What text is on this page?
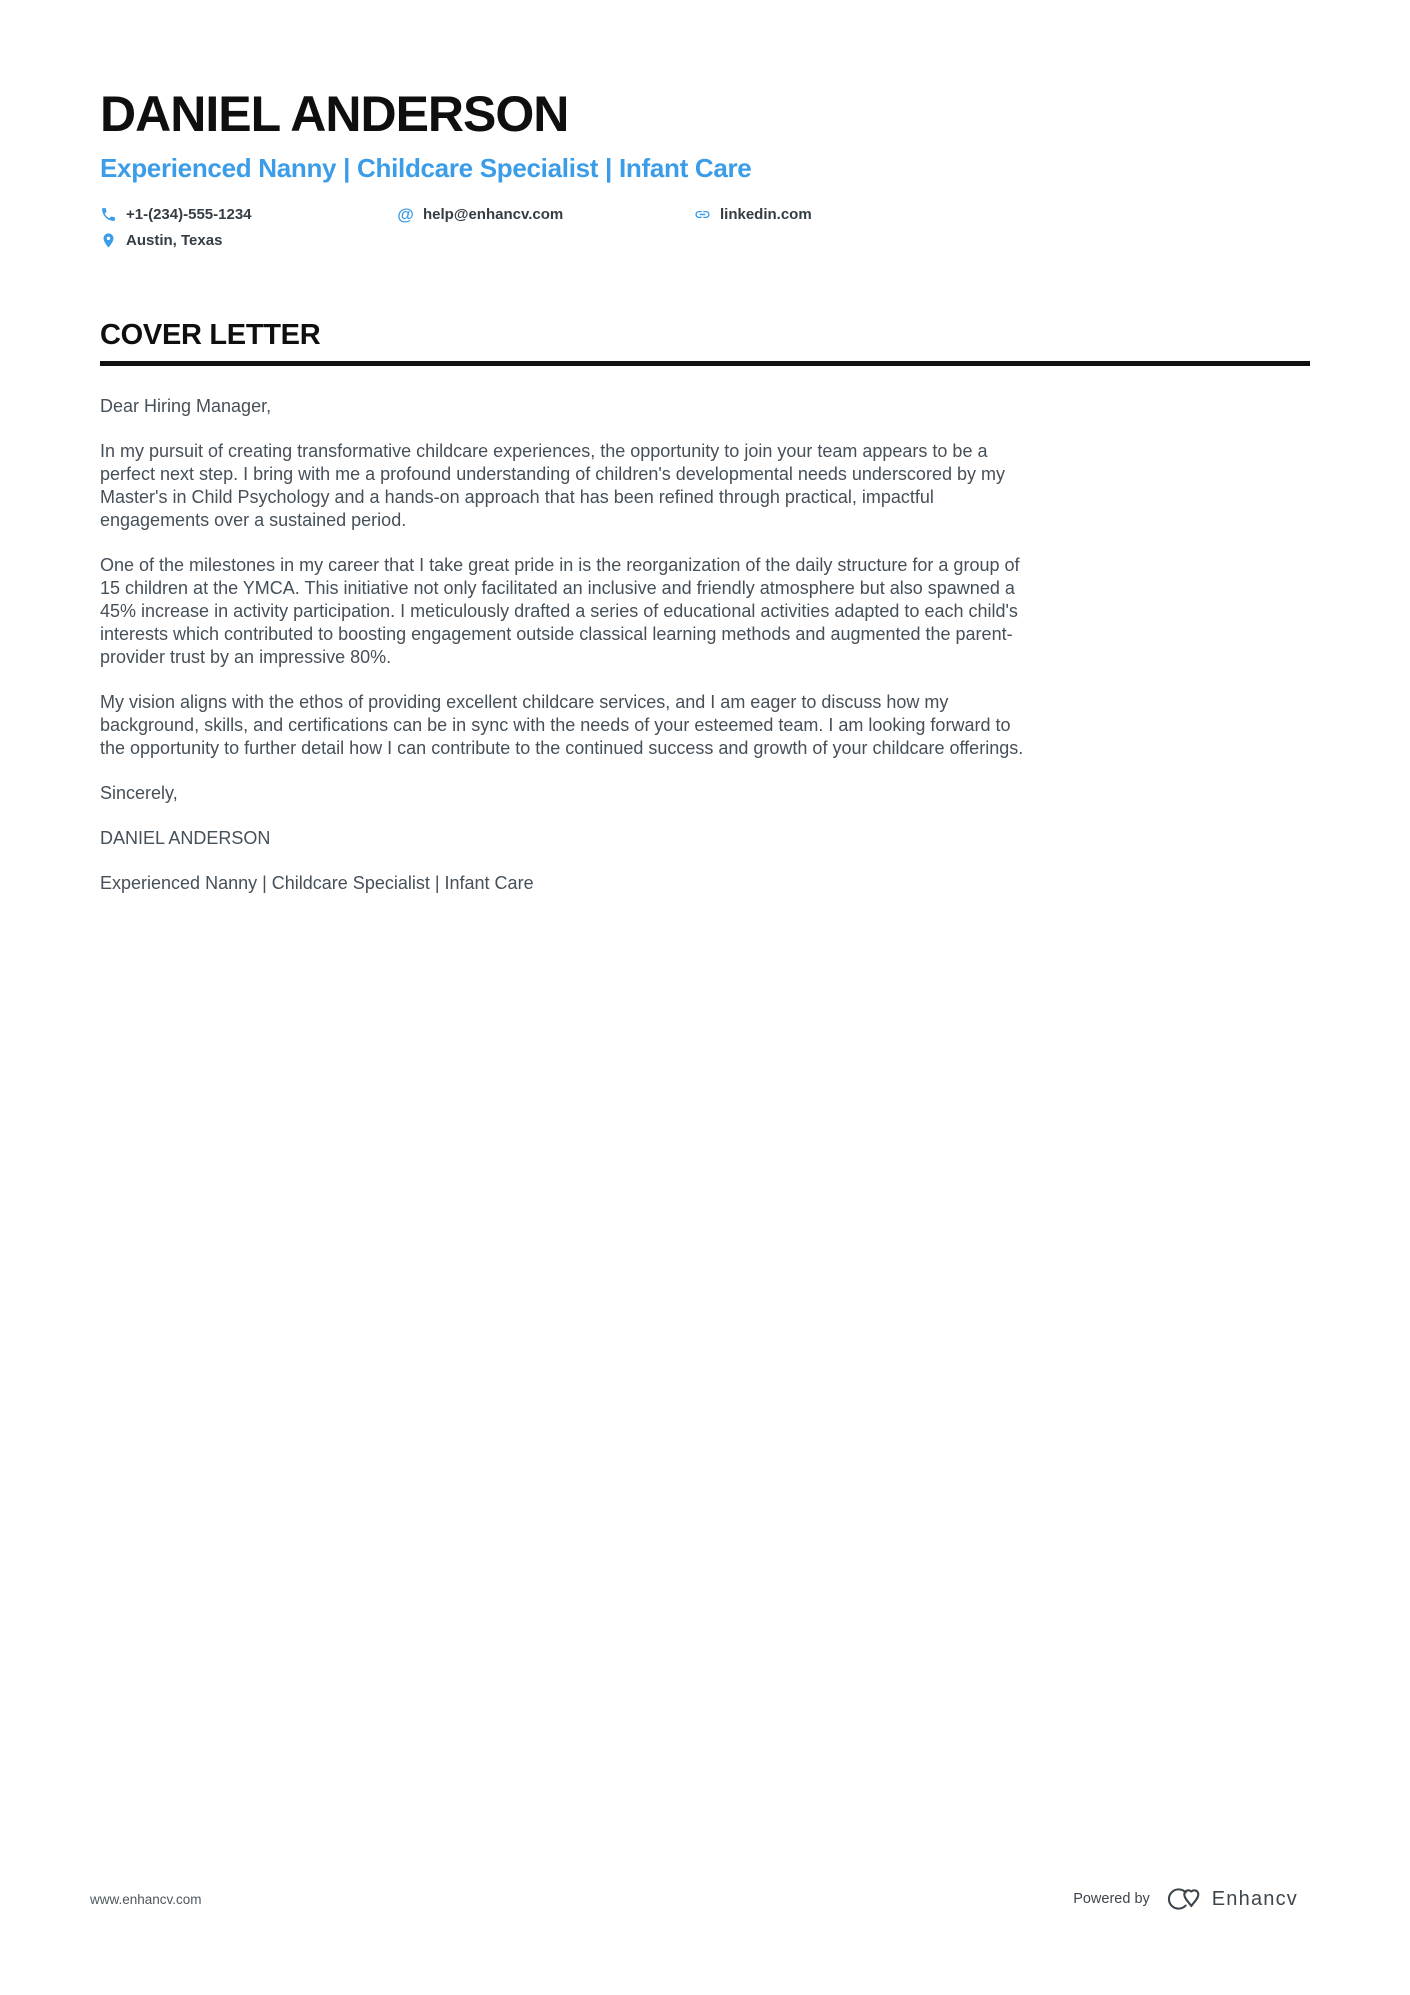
DANIEL ANDERSON
Experienced Nanny | Childcare Specialist | Infant Care
+1-(234)-555-1234	@ help@enhancv.com	linkedin.com
Austin, Texas
COVER LETTER

Dear Hiring Manager,

In my pursuit of creating transformative childcare experiences, the opportunity to join your team appears to be a perfect next step. I bring with me a profound understanding of children's developmental needs underscored by my Master's in Child Psychology and a hands-on approach that has been refined through practical, impactful engagements over a sustained period.

One of the milestones in my career that I take great pride in is the reorganization of the daily structure for a group of 15 children at the YMCA. This initiative not only facilitated an inclusive and friendly atmosphere but also spawned a 45% increase in activity participation. I meticulously drafted a series of educational activities adapted to each child's interests which contributed to boosting engagement outside classical learning methods and augmented the parent-provider trust by an impressive 80%.

My vision aligns with the ethos of providing excellent childcare services, and I am eager to discuss how my background, skills, and certifications can be in sync with the needs of your esteemed team. I am looking forward to the opportunity to further detail how I can contribute to the continued success and growth of your childcare offerings.

Sincerely,

DANIEL ANDERSON

Experienced Nanny | Childcare Specialist | Infant Care

www.enhancv.com	Powered by	Enhancv
